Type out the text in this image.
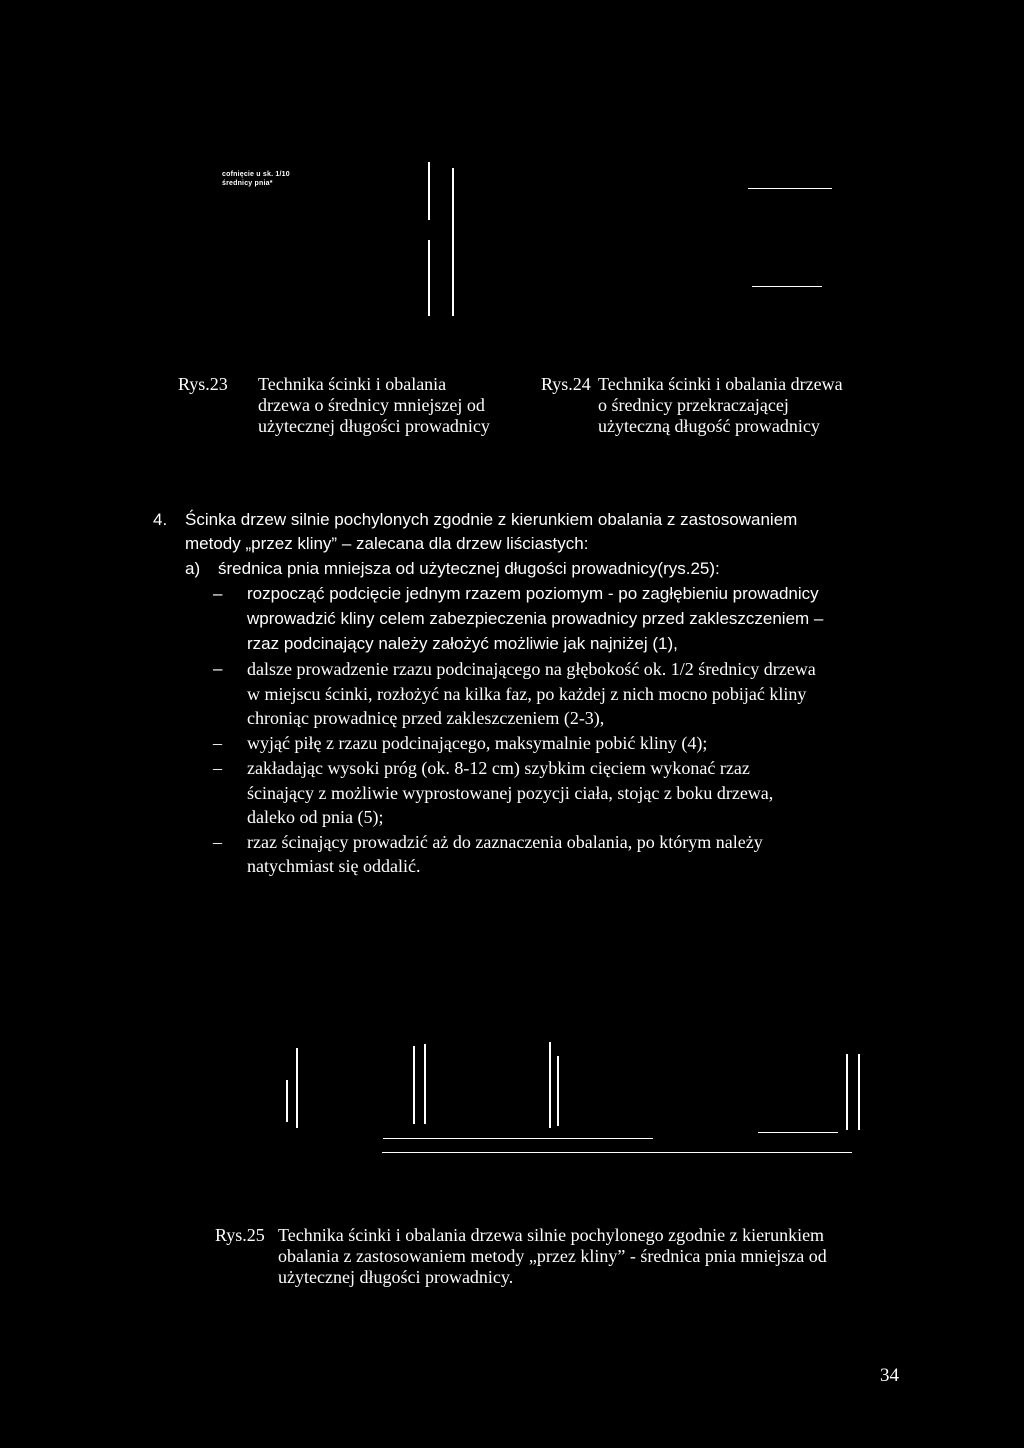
cofnięcie u sk. 1/10
średnicy pnia*
Rys.23 Technika ścinki i obalania
drzewa o średnicy mniejszej od
użytecznej długości prowadnicy
Rys.24 Technika ścinki i obalania drzewa
o średnicy przekraczającej
użyteczną długość prowadnicy
4. Ścinka drzew silnie pochylonych zgodnie z kierunkiem obalania z zastosowaniem
metody „przez kliny” – zalecana dla drzew liściastych:
a) średnica pnia mniejsza od użytecznej długości prowadnicy(rys.25):
– rozpocząć podcięcie jednym rzazem poziomym - po zagłębieniu prowadnicy
wprowadzić kliny celem zabezpieczenia prowadnicy przed zakleszczeniem –
rzaz podcinający należy założyć możliwie jak najniżej (1),
– dalsze prowadzenie rzazu podcinającego na głębokość ok. 1/2 średnicy drzewa
w miejscu ścinki, rozłożyć na kilka faz, po każdej z nich mocno pobijać kliny
chroniąc prowadnicę przed zakleszczeniem (2-3),
– wyjąć piłę z rzazu podcinającego, maksymalnie pobić kliny (4);
– zakładając wysoki próg (ok. 8-12 cm) szybkim cięciem wykonać rzaz
ścinający z możliwie wyprostowanej pozycji ciała, stojąc z boku drzewa,
daleko od pnia (5);
– rzaz ścinający prowadzić aż do zaznaczenia obalania, po którym należy
natychmiast się oddalić.
Rys.25 Technika ścinki i obalania drzewa silnie pochylonego zgodnie z kierunkiem
obalania z zastosowaniem metody „przez kliny” - średnica pnia mniejsza od
użytecznej długości prowadnicy.
34
